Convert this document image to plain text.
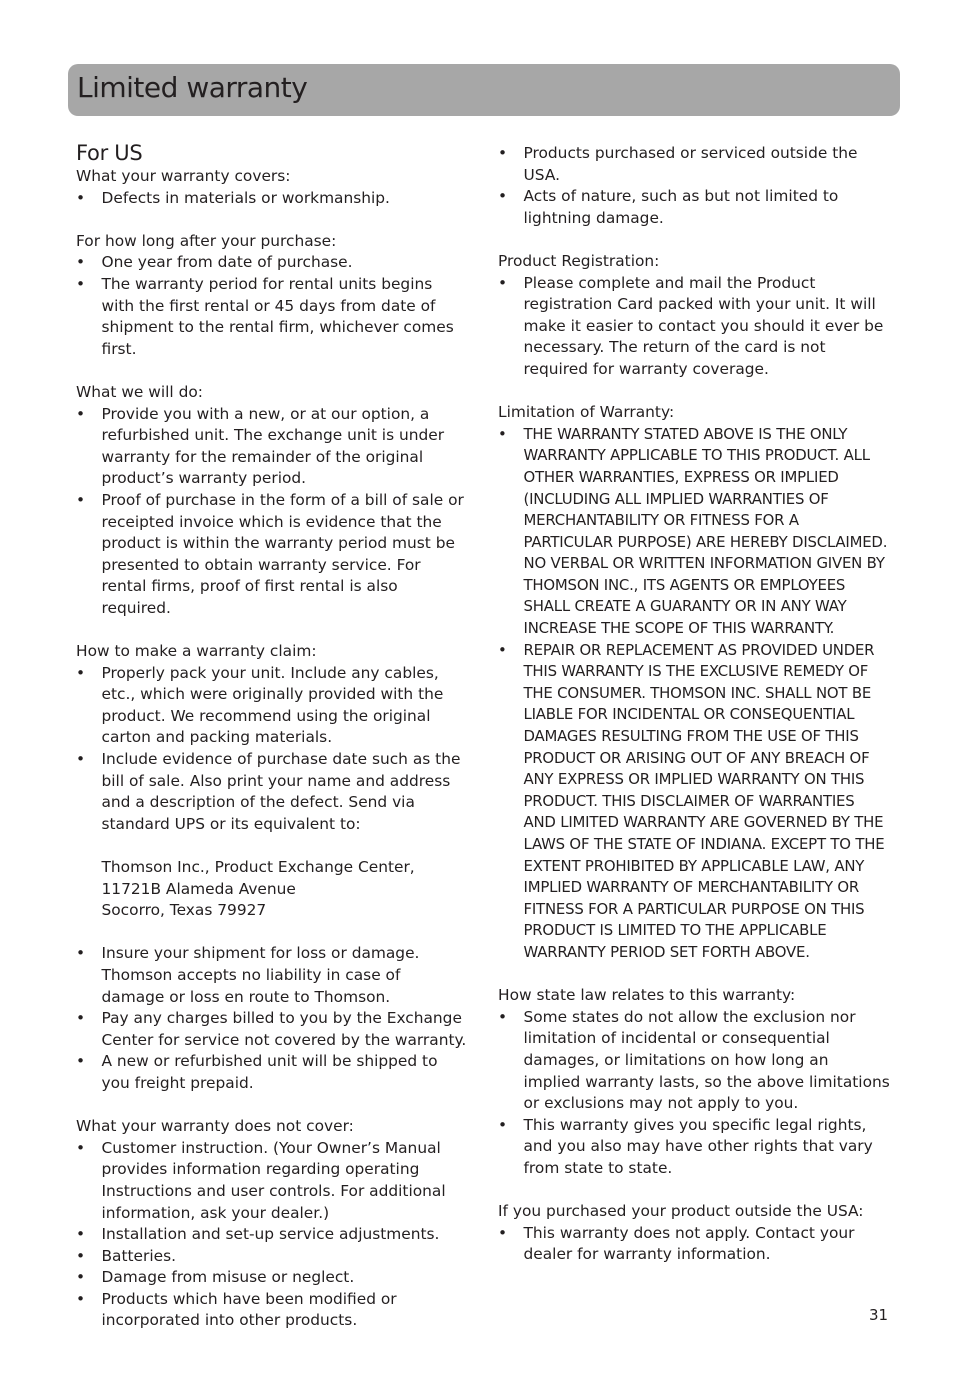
Limited warranty
For US

What your warranty covers:

• Defects in materials or workmanship.

For how long after your purchase:

• One year from date of purchase.
• The warranty period for rental units begins with the first rental or 45 days from date of shipment to the rental firm, whichever comes first.

What we will do:

• Provide you with a new, or at our option, a refurbished unit. The exchange unit is under warranty for the remainder of the original product’s warranty period.
• Proof of purchase in the form of a bill of sale or receipted invoice which is evidence that the product is within the warranty period must be presented to obtain warranty service. For rental firms, proof of first rental is also required.

How to make a warranty claim:

• Properly pack your unit. Include any cables, etc., which were originally provided with the product. We recommend using the original carton and packing materials.
• Include evidence of purchase date such as the bill of sale. Also print your name and address and a description of the defect. Send via standard UPS or its equivalent to:

Thomson Inc., Product Exchange Center, 11721B Alameda Avenue

Socorro, Texas 79927

• Insure your shipment for loss or damage. Thomson accepts no liability in case of damage or loss en route to Thomson.
• Pay any charges billed to you by the Exchange Center for service not covered by the warranty.
• A new or refurbished unit will be shipped to you freight prepaid.

What your warranty does not cover:

• Customer instruction. (Your Owner’s Manual provides information regarding operating Instructions and user controls. For additional information, ask your dealer.)
• Installation and set-up service adjustments.
• Batteries.
• Damage from misuse or neglect.
• Products which have been modified or incorporated into other products.
• Products purchased or serviced outside the USA.
• Acts of nature, such as but not limited to lightning damage.

Product Registration:

• Please complete and mail the Product registration Card packed with your unit. It will make it easier to contact you should it ever be necessary. The return of the card is not required for warranty coverage.

Limitation of Warranty:

• THE WARRANTY STATED ABOVE IS THE ONLY WARRANTY APPLICABLE TO THIS PRODUCT. ALL OTHER WARRANTIES, EXPRESS OR IMPLIED (INCLUDING ALL IMPLIED WARRANTIES OF MERCHANTABILITY OR FITNESS FOR A PARTICULAR PURPOSE) ARE HEREBY DISCLAIMED. NO VERBAL OR WRITTEN INFORMATION GIVEN BY THOMSON INC., ITS AGENTS OR EMPLOYEES SHALL CREATE A GUARANTY OR IN ANY WAY INCREASE THE SCOPE OF THIS WARRANTY.
• REPAIR OR REPLACEMENT AS PROVIDED UNDER THIS WARRANTY IS THE EXCLUSIVE REMEDY OF THE CONSUMER. THOMSON INC. SHALL NOT BE LIABLE FOR INCIDENTAL OR CONSEQUENTIAL DAMAGES RESULTING FROM THE USE OF THIS PRODUCT OR ARISING OUT OF ANY BREACH OF ANY EXPRESS OR IMPLIED WARRANTY ON THIS PRODUCT. THIS DISCLAIMER OF WARRANTIES AND LIMITED WARRANTY ARE GOVERNED BY THE LAWS OF THE STATE OF INDIANA. EXCEPT TO THE EXTENT PROHIBITED BY APPLICABLE LAW, ANY IMPLIED WARRANTY OF MERCHANTABILITY OR FITNESS FOR A PARTICULAR PURPOSE ON THIS PRODUCT IS LIMITED TO THE APPLICABLE WARRANTY PERIOD SET FORTH ABOVE.

How state law relates to this warranty:

• Some states do not allow the exclusion nor limitation of incidental or consequential damages, or limitations on how long an implied warranty lasts, so the above limitations or exclusions may not apply to you.
• This warranty gives you specific legal rights, and you also may have other rights that vary from state to state.

If you purchased your product outside the USA:

• This warranty does not apply. Contact your dealer for warranty information.
31
